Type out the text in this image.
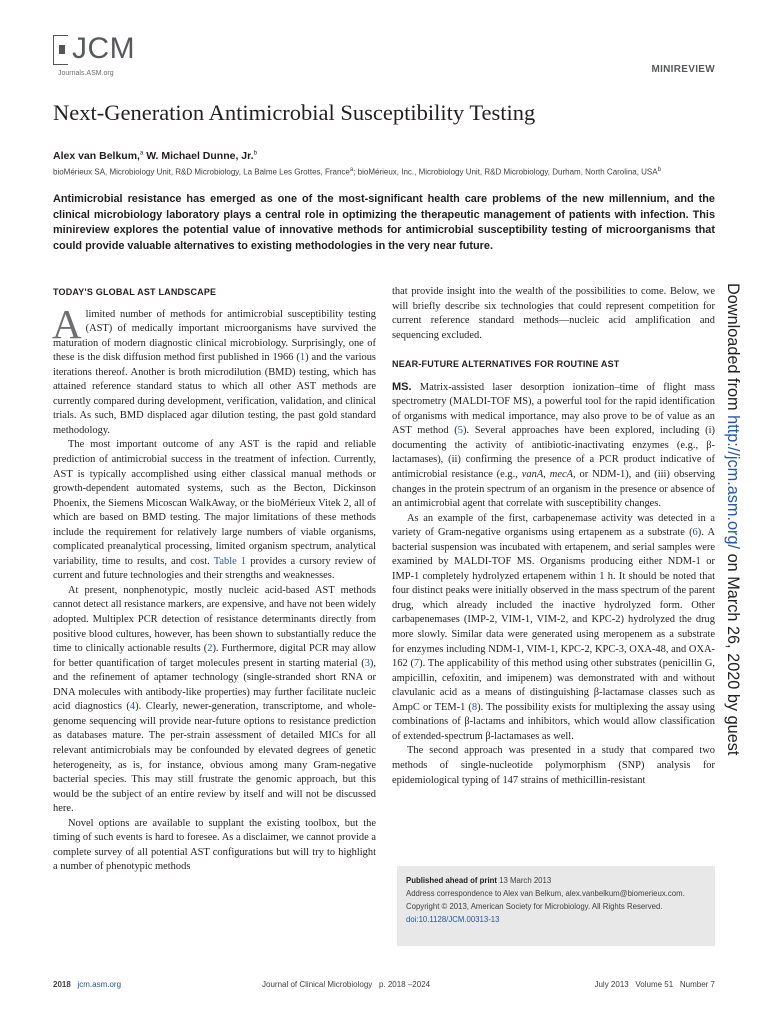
JCM
Journals.ASM.org	MINIREVIEW
Next-Generation Antimicrobial Susceptibility Testing
Alex van Belkum,$^a$ W. Michael Dunne, Jr.$^b$
bioMérieux SA, Microbiology Unit, R&D Microbiology, La Balme Les Grottes, France$^a$; bioMérieux, Inc., Microbiology Unit, R&D Microbiology, Durham, North Carolina, USA$^b$
Antimicrobial resistance has emerged as one of the most-significant health care problems of the new millennium, and the clinical microbiology laboratory plays a central role in optimizing the therapeutic management of patients with infection. This minireview explores the potential value of innovative methods for antimicrobial susceptibility testing of microorganisms that could provide valuable alternatives to existing methodologies in the very near future.
TODAY'S GLOBAL AST LANDSCAPE

Alimited number of methods for antimicrobial susceptibility testing (AST) of medically important microorganisms have survived the maturation of modern diagnostic clinical microbiology. Surprisingly, one of these is the disk diffusion method first published in 1966 (1) and the various iterations thereof. Another is broth microdilution (BMD) testing, which has attained reference standard status to which all other AST methods are currently compared during development, verification, validation, and clinical trials. As such, BMD displaced agar dilution testing, the past gold standard methodology.

The most important outcome of any AST is the rapid and reliable prediction of antimicrobial success in the treatment of infection. Currently, AST is typically accomplished using either classical manual methods or growth-dependent automated systems, such as the Becton, Dickinson Phoenix, the Siemens Micoscan WalkAway, or the bioMérieux Vitek 2, all of which are based on BMD testing. The major limitations of these methods include the requirement for relatively large numbers of viable organisms, complicated preanalytical processing, limited organism spectrum, analytical variability, time to results, and cost. Table 1 provides a cursory review of current and future technologies and their strengths and weaknesses.

At present, nonphenotypic, mostly nucleic acid-based AST methods cannot detect all resistance markers, are expensive, and have not been widely adopted. Multiplex PCR detection of resistance determinants directly from positive blood cultures, however, has been shown to substantially reduce the time to clinically actionable results (2). Furthermore, digital PCR may allow for better quantification of target molecules present in starting material (3), and the refinement of aptamer technology (single-stranded short RNA or DNA molecules with antibody-like properties) may further facilitate nucleic acid diagnostics (4). Clearly, newer-generation, transcriptome, and whole-genome sequencing will provide near-future options to resistance prediction as databases mature. The per-strain assessment of detailed MICs for all relevant antimicrobials may be confounded by elevated degrees of genetic heterogeneity, as is, for instance, obvious among many Gram-negative bacterial species. This may still frustrate the genomic approach, but this would be the subject of an entire review by itself and will not be discussed here.

Novel options are available to supplant the existing toolbox, but the timing of such events is hard to foresee. As a disclaimer, we cannot provide a complete survey of all potential AST configurations but will try to highlight a number of phenotypic methods

that provide insight into the wealth of the possibilities to come. Below, we will briefly describe six technologies that could represent competition for current reference standard methods—nucleic acid amplification and sequencing excluded.

NEAR-FUTURE ALTERNATIVES FOR ROUTINE AST

MS. Matrix-assisted laser desorption ionization–time of flight mass spectrometry (MALDI-TOF MS), a powerful tool for the rapid identification of organisms with medical importance, may also prove to be of value as an AST method (5). Several approaches have been explored, including (i) documenting the activity of antibiotic-inactivating enzymes (e.g., β-lactamases), (ii) confirming the presence of a PCR product indicative of antimicrobial resistance (e.g., vanA, mecA, or NDM-1), and (iii) observing changes in the protein spectrum of an organism in the presence or absence of an antimicrobial agent that correlate with susceptibility changes.

As an example of the first, carbapenemase activity was detected in a variety of Gram-negative organisms using ertapenem as a substrate (6). A bacterial suspension was incubated with ertapenem, and serial samples were examined by MALDI-TOF MS. Organisms producing either NDM-1 or IMP-1 completely hydrolyzed ertapenem within 1 h. It should be noted that four distinct peaks were initially observed in the mass spectrum of the parent drug, which already included the inactive hydrolyzed form. Other carbapenemases (IMP-2, VIM-1, VIM-2, and KPC-2) hydrolyzed the drug more slowly. Similar data were generated using meropenem as a substrate for enzymes including NDM-1, VIM-1, KPC-2, KPC-3, OXA-48, and OXA-162 (7). The applicability of this method using other substrates (penicillin G, ampicillin, cefoxitin, and imipenem) was demonstrated with and without clavulanic acid as a means of distinguishing β-lactamase classes such as AmpC or TEM-1 (8). The possibility exists for multiplexing the assay using combinations of β-lactams and inhibitors, which would allow classification of extended-spectrum β-lactamases as well.

The second approach was presented in a study that compared two methods of single-nucleotide polymorphism (SNP) analysis for epidemiological typing of 147 strains of methicillin-resistant

Published ahead of print 13 March 2013
Address correspondence to Alex van Belkum, alex.vanbelkum@biomerieux.com.
Copyright © 2013, American Society for Microbiology. All Rights Reserved.
doi:10.1128/JCM.00313-13
2018 jcm.asm.org	Journal of Clinical Microbiology   p. 2018 –2024	July 2013   Volume 51   Number 7
Downloaded from http://jcm.asm.org/ on March 26, 2020 by guest
